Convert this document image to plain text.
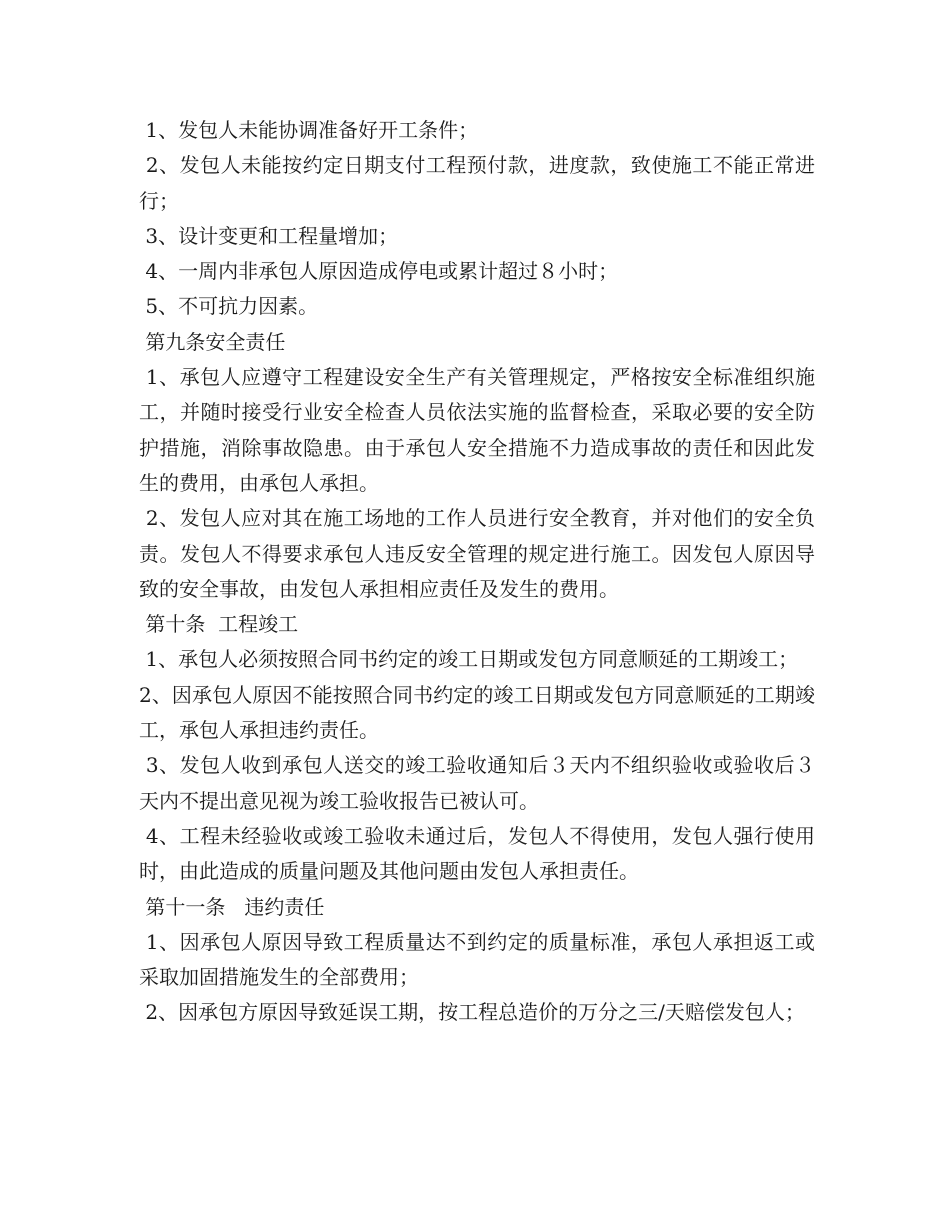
1、发包人未能协调准备好开工条件；

2、发包人未能按约定日期支付工程预付款，进度款，致使施工不能正常进行；

3、设计变更和工程量增加；

4、一周内非承包人原因造成停电或累计超过８小时；

5、不可抗力因素。

第九条安全责任

1、承包人应遵守工程建设安全生产有关管理规定，严格按安全标准组织施工，并随时接受行业安全检查人员依法实施的监督检查，采取必要的安全防护措施，消除事故隐患。由于承包人安全措施不力造成事故的责任和因此发生的费用，由承包人承担。

2、发包人应对其在施工场地的工作人员进行安全教育，并对他们的安全负责。发包人不得要求承包人违反安全管理的规定进行施工。因发包人原因导致的安全事故，由发包人承担相应责任及发生的费用。

第十条  工程竣工

1、承包人必须按照合同书约定的竣工日期或发包方同意顺延的工期竣工；

2、因承包人原因不能按照合同书约定的竣工日期或发包方同意顺延的工期竣工，承包人承担违约责任。

3、发包人收到承包人送交的竣工验收通知后３天内不组织验收或验收后３天内不提出意见视为竣工验收报告已被认可。

4、工程未经验收或竣工验收未通过后，发包人不得使用，发包人强行使用时，由此造成的质量问题及其他问题由发包人承担责任。

第十一条   违约责任

1、因承包人原因导致工程质量达不到约定的质量标准，承包人承担返工或采取加固措施发生的全部费用；

2、因承包方原因导致延误工期，按工程总造价的万分之三/天赔偿发包人；
